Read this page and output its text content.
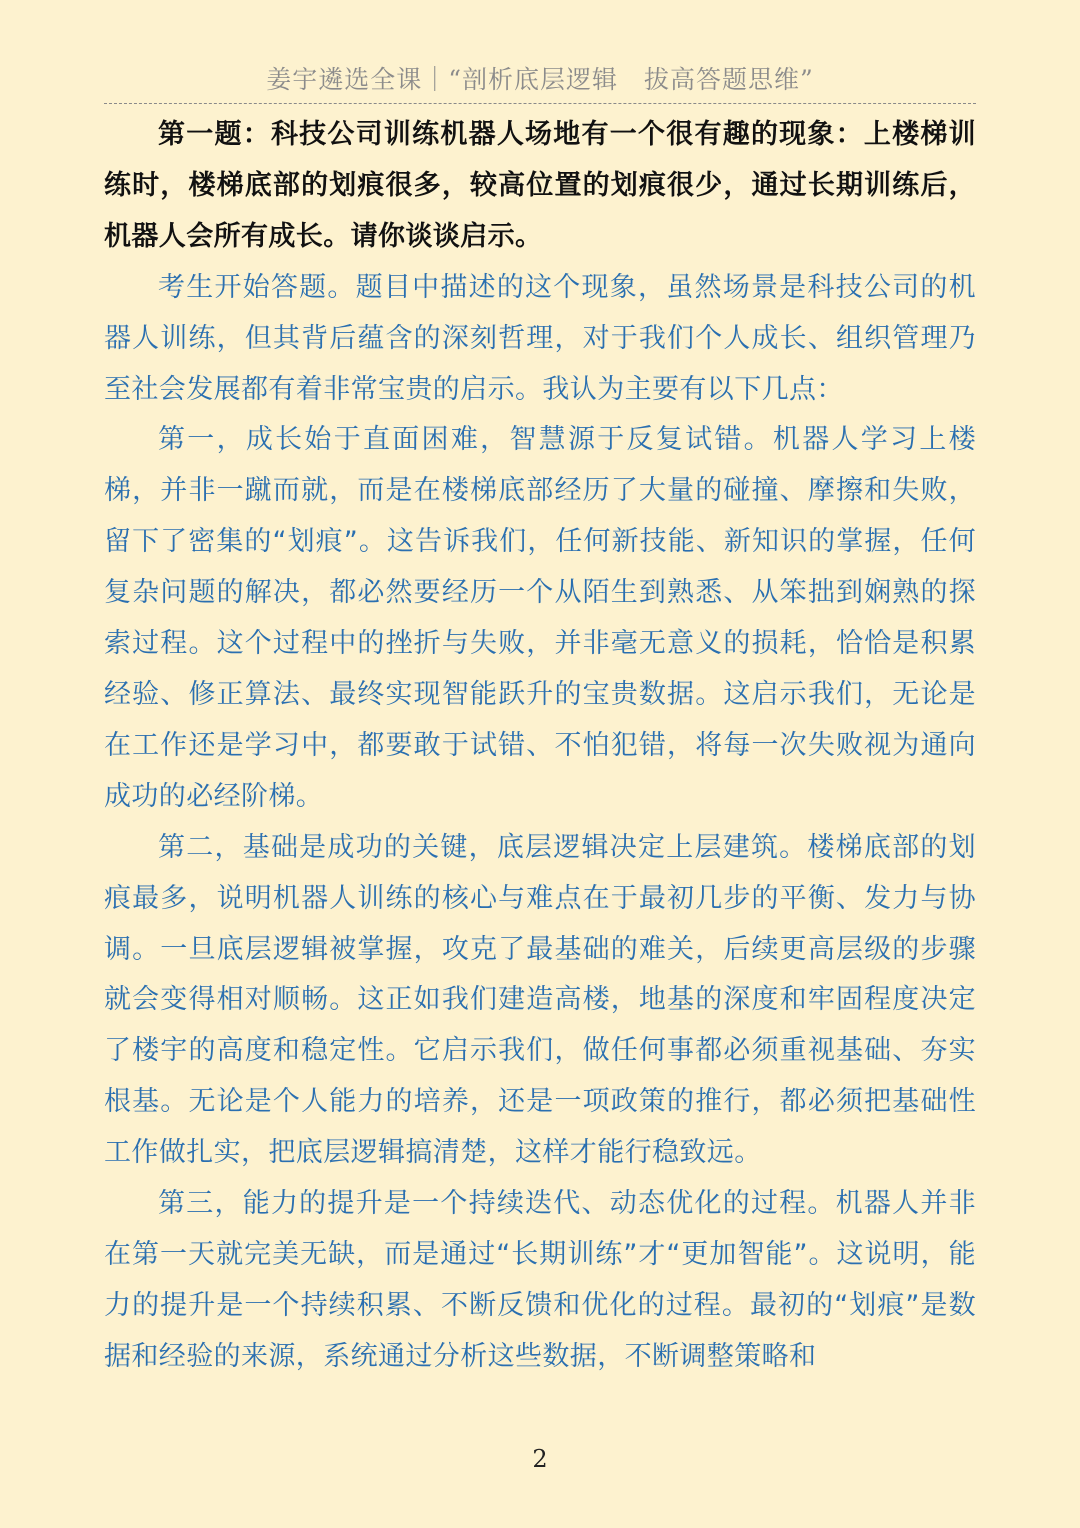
姜宇遴选全课｜“剖析底层逻辑　拔高答题思维”

第一题：科技公司训练机器人场地有一个很有趣的现象：上楼梯训练时，楼梯底部的划痕很多，较高位置的划痕很少，通过长期训练后，机器人会所有成长。请你谈谈启示。

考生开始答题。题目中描述的这个现象，虽然场景是科技公司的机器人训练，但其背后蕴含的深刻哲理，对于我们个人成长、组织管理乃至社会发展都有着非常宝贵的启示。我认为主要有以下几点：

第一，成长始于直面困难，智慧源于反复试错。机器人学习上楼梯，并非一蹴而就，而是在楼梯底部经历了大量的碰撞、摩擦和失败，留下了密集的“划痕”。这告诉我们，任何新技能、新知识的掌握，任何复杂问题的解决，都必然要经历一个从陌生到熟悉、从笨拙到娴熟的探索过程。这个过程中的挫折与失败，并非毫无意义的损耗，恰恰是积累经验、修正算法、最终实现智能跃升的宝贵数据。这启示我们，无论是在工作还是学习中，都要敢于试错、不怕犯错，将每一次失败视为通向成功的必经阶梯。

第二，基础是成功的关键，底层逻辑决定上层建筑。楼梯底部的划痕最多，说明机器人训练的核心与难点在于最初几步的平衡、发力与协调。一旦底层逻辑被掌握，攻克了最基础的难关，后续更高层级的步骤就会变得相对顺畅。这正如我们建造高楼，地基的深度和牢固程度决定了楼宇的高度和稳定性。它启示我们，做任何事都必须重视基础、夯实根基。无论是个人能力的培养，还是一项政策的推行，都必须把基础性工作做扎实，把底层逻辑搞清楚，这样才能行稳致远。

第三，能力的提升是一个持续迭代、动态优化的过程。机器人并非在第一天就完美无缺，而是通过“长期训练”才“更加智能”。这说明，能力的提升是一个持续积累、不断反馈和优化的过程。最初的“划痕”是数据和经验的来源，系统通过分析这些数据，不断调整策略和

2
